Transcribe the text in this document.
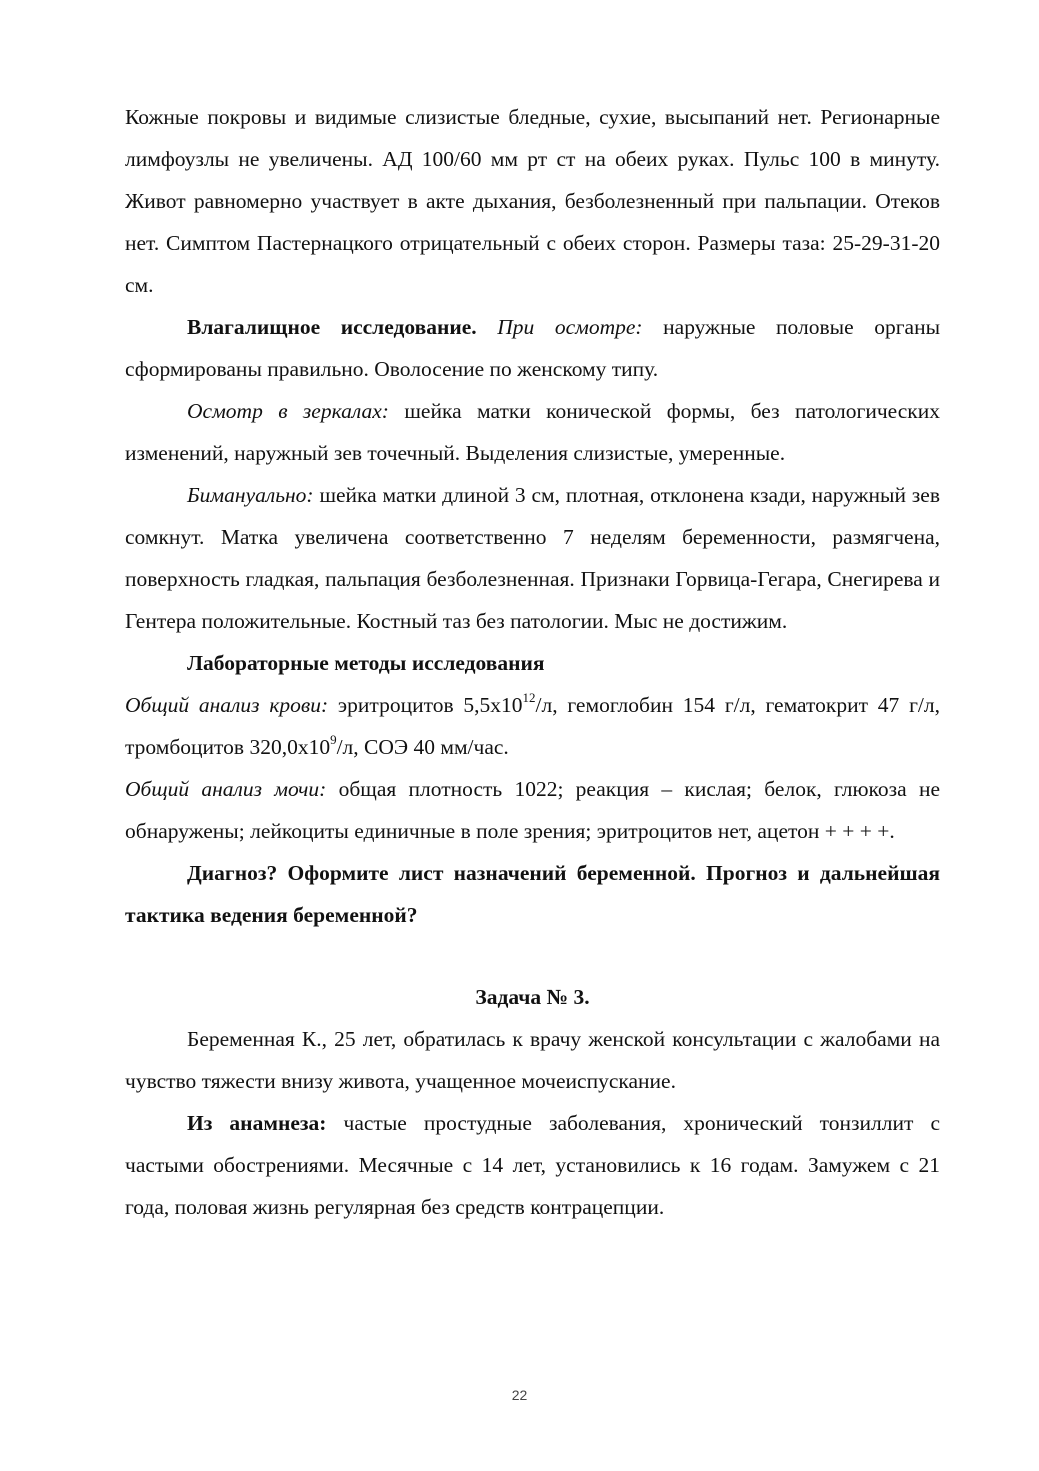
Кожные покровы и видимые слизистые бледные, сухие, высыпаний нет. Регионарные лимфоузлы не увеличены. АД 100/60 мм рт ст на обеих руках. Пульс 100 в минуту. Живот равномерно участвует в акте дыхания, безболезненный при пальпации. Отеков нет. Симптом Пастернацкого отрицательный с обеих сторон. Размеры таза: 25-29-31-20 см.

Влагалищное исследование. При осмотре: наружные половые органы сформированы правильно. Оволосение по женскому типу.

Осмотр в зеркалах: шейка матки конической формы, без патологических изменений, наружный зев точечный. Выделения слизистые, умеренные.

Бимануально: шейка матки длиной 3 см, плотная, отклонена кзади, наружный зев сомкнут. Матка увеличена соответственно 7 неделям беременности, размягчена, поверхность гладкая, пальпация безболезненная. Признаки Горвица-Гегара, Снегирева и Гентера положительные. Костный таз без патологии. Мыс не достижим.

Лабораторные методы исследования

Общий анализ крови: эритроцитов $5,5х10^{12}/л$, гемоглобин 154 г/л, гематокрит 47 г/л, тромбоцитов $320,0х10^9/л$, СОЭ 40 мм/час.

Общий анализ мочи: общая плотность 1022; реакция – кислая; белок, глюкоза не обнаружены; лейкоциты единичные в поле зрения; эритроцитов нет, ацетон + + + +.

Диагноз? Оформите лист назначений беременной. Прогноз и дальнейшая тактика ведения беременной?

Задача № 3.

Беременная К., 25 лет, обратилась к врачу женской консультации с жалобами на чувство тяжести внизу живота, учащенное мочеиспускание.

Из анамнеза: частые простудные заболевания, хронический тонзиллит с частыми обострениями. Месячные с 14 лет, установились к 16 годам. Замужем с 21 года, половая жизнь регулярная без средств контрацепции.

22
